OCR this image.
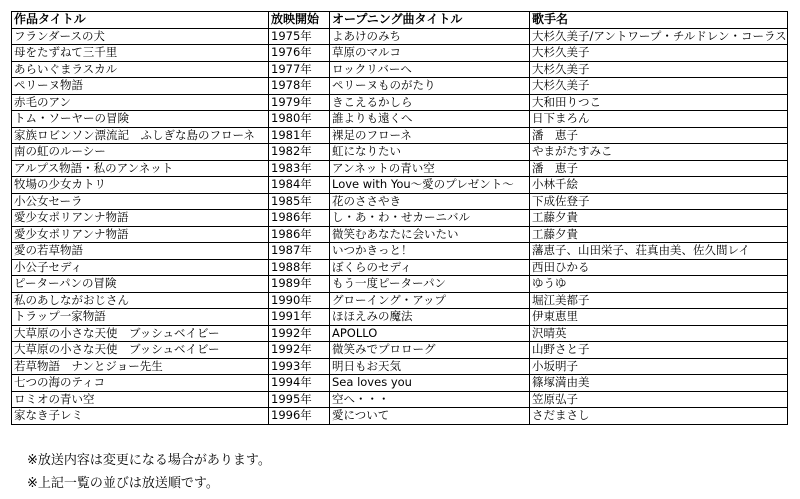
作品タイトル	放映開始	オープニング曲タイトル	歌手名
フランダースの犬	1975年	よあけのみち	大杉久美子/アントワープ・チルドレン・コーラス
母をたずねて三千里	1976年	草原のマルコ	大杉久美子
あらいぐまラスカル	1977年	ロックリバーへ	大杉久美子
ペリーヌ物語	1978年	ペリーヌものがたり	大杉久美子
赤毛のアン	1979年	きこえるかしら	大和田りつこ
トム・ソーヤーの冒険	1980年	誰よりも遠くへ	日下まろん
家族ロビンソン漂流記　ふしぎな島のフローネ	1981年	裸足のフローネ	潘　恵子
南の虹のルーシー	1982年	虹になりたい	やまがたすみこ
アルプス物語・私のアンネット	1983年	アンネットの青い空	潘　恵子
牧場の少女カトリ	1984年	Love with You～愛のプレゼント～	小林千絵
小公女セーラ	1985年	花のささやき	下成佐登子
愛少女ポリアンナ物語	1986年	し・あ・わ・せカーニバル	工藤夕貴
愛少女ポリアンナ物語	1986年	微笑むあなたに会いたい	工藤夕貴
愛の若草物語	1987年	いつかきっと！	藩恵子、山田栄子、荘真由美、佐久間レイ
小公子セディ	1988年	ぼくらのセディ	西田ひかる
ピーターパンの冒険	1989年	もう一度ピーターパン	ゆうゆ
私のあしながおじさん	1990年	グローイング・アップ	堀江美都子
トラップ一家物語	1991年	ほほえみの魔法	伊東恵里
大草原の小さな天使　ブッシュベイビー	1992年	APOLLO	沢晴英
大草原の小さな天使　ブッシュベイビー	1992年	微笑みでプロローグ	山野さと子
若草物語　ナンとジョー先生	1993年	明日もお天気	小坂明子
七つの海のティコ	1994年	Sea loves you	篠塚満由美
ロミオの青い空	1995年	空へ・・・	笠原弘子
家なき子レミ	1996年	愛について	さだまさし
※放送内容は変更になる場合があります。
※上記一覧の並びは放送順です。
